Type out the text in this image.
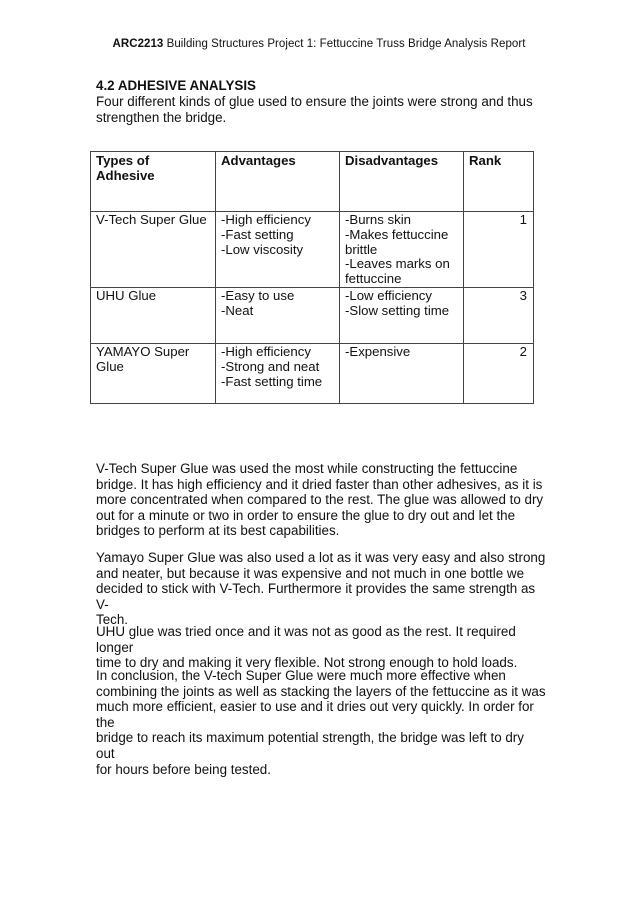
ARC2213 Building Structures Project 1: Fettuccine Truss Bridge Analysis Report
4.2 ADHESIVE ANALYSIS
Four different kinds of glue used to ensure the joints were strong and thus
strengthen the bridge.
Types of
Adhesive	Advantages	Disadvantages	Rank

V-Tech Super Glue	-High efficiency
-Fast setting
-Low viscosity	-Burns skin
-Makes fettuccine
brittle
-Leaves marks on
fettuccine	1

UHU Glue	-Easy to use
-Neat	-Low efficiency
-Slow setting time	3

YAMAYO Super
Glue	-High efficiency
-Strong and neat
-Fast setting time	-Expensive	2
V-Tech Super Glue was used the most while constructing the fettuccine
bridge. It has high efficiency and it dried faster than other adhesives, as it is
more concentrated when compared to the rest. The glue was allowed to dry
out for a minute or two in order to ensure the glue to dry out and let the
bridges to perform at its best capabilities.
Yamayo Super Glue was also used a lot as it was very easy and also strong
and neater, but because it was expensive and not much in one bottle we
decided to stick with V-Tech. Furthermore it provides the same strength as V-
Tech.
UHU glue was tried once and it was not as good as the rest. It required longer
time to dry and making it very flexible. Not strong enough to hold loads.
In conclusion, the V-tech Super Glue were much more effective when
combining the joints as well as stacking the layers of the fettuccine as it was
much more efficient, easier to use and it dries out very quickly. In order for the
bridge to reach its maximum potential strength, the bridge was left to dry out
for hours before being tested.
